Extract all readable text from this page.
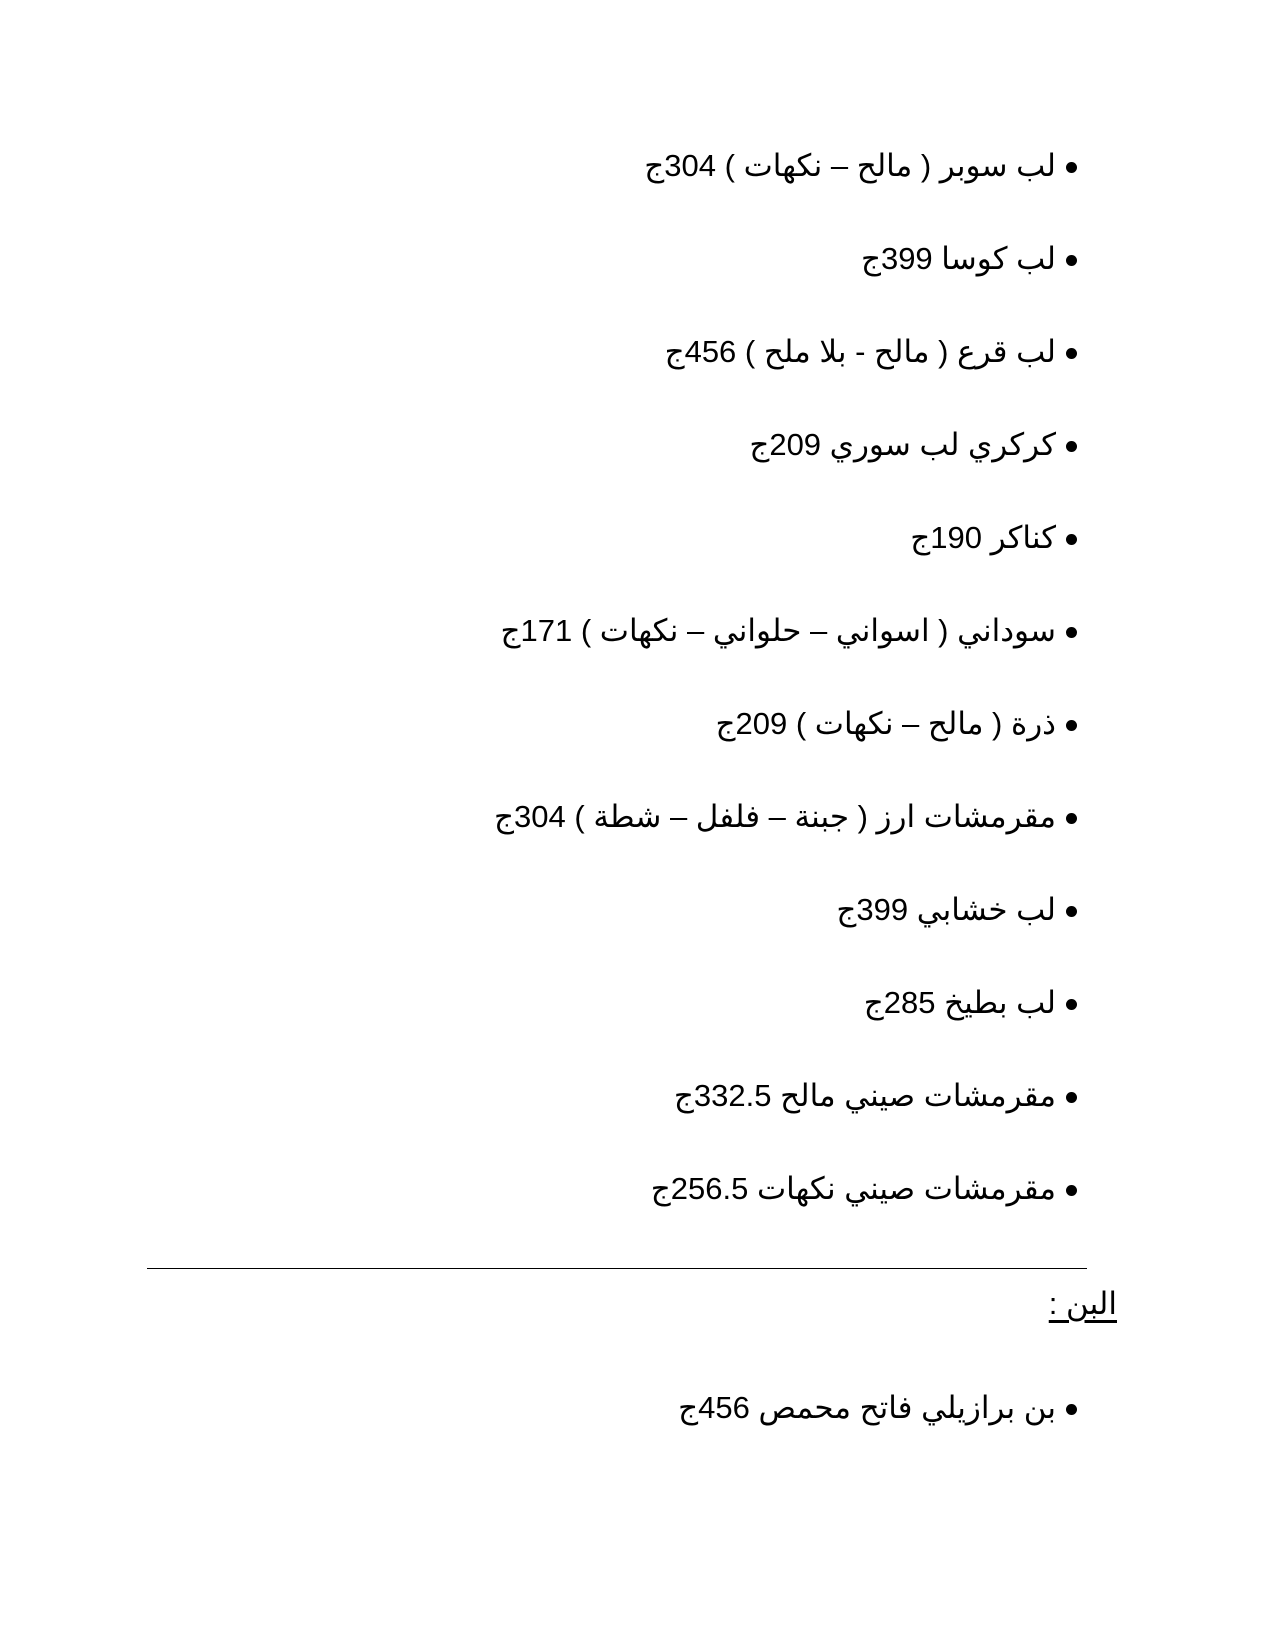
لب سوبر ( مالح – نكهات ) 304ج
لب كوسا 399ج
لب قرع ( مالح - بلا ملح ) 456ج
كركري لب سوري 209ج
كناكر 190ج
سوداني ( اسواني – حلواني – نكهات ) 171ج
ذرة ( مالح – نكهات ) 209ج
مقرمشات ارز ( جبنة – فلفل – شطة ) 304ج
لب خشابي 399ج
لب بطيخ 285ج
مقرمشات صيني مالح 332.5ج
مقرمشات صيني نكهات 256.5ج
البن :
بن برازيلي فاتح محمص 456ج
